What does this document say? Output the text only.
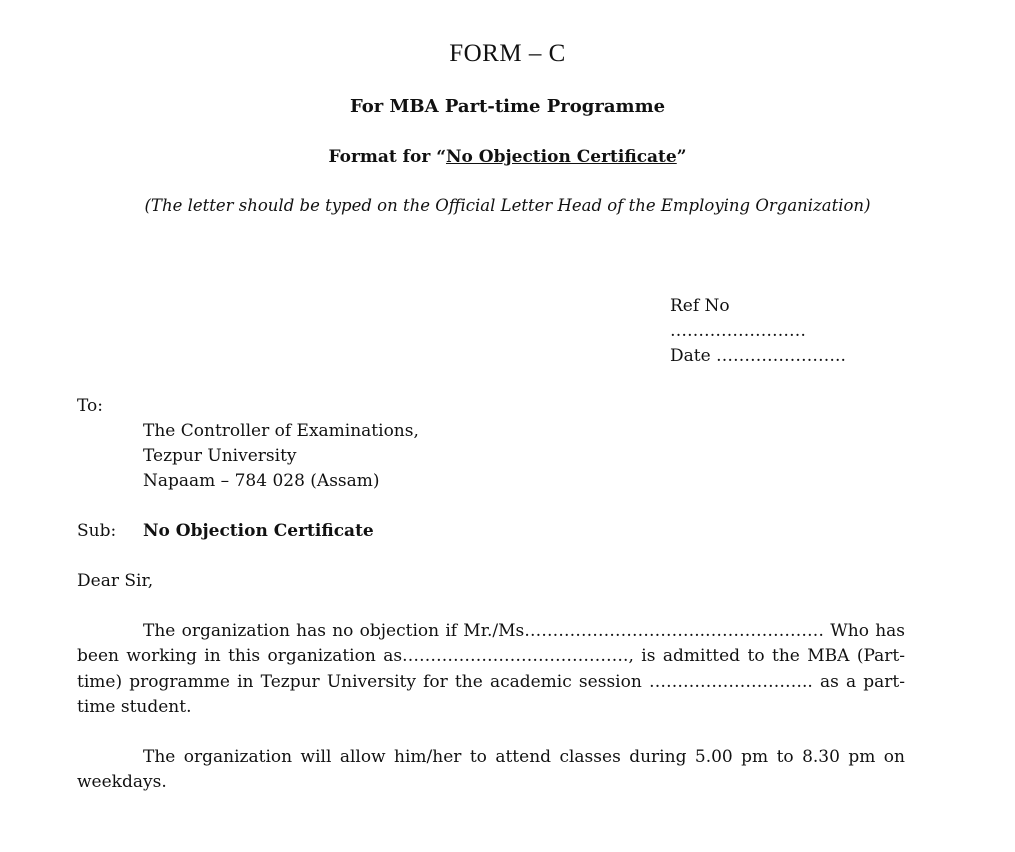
FORM – C
For MBA Part-time Programme
Format for “No Objection Certificate”
(The letter should be typed on the Official Letter Head of the Employing Organization)
Ref No
……………………
Date …………………..
To:
The Controller of Examinations,
Tezpur University
Napaam – 784 028 (Assam)
Sub: No Objection Certificate
Dear Sir,

The organization has no objection if Mr./Ms…………………………..………………… Who has been working in this organization as…………………………………., is admitted to the MBA (Part-time) programme in Tezpur University for the academic session ……………………….. as a part-time student.

The organization will allow him/her to attend classes during 5.00 pm to 8.30 pm on weekdays.
